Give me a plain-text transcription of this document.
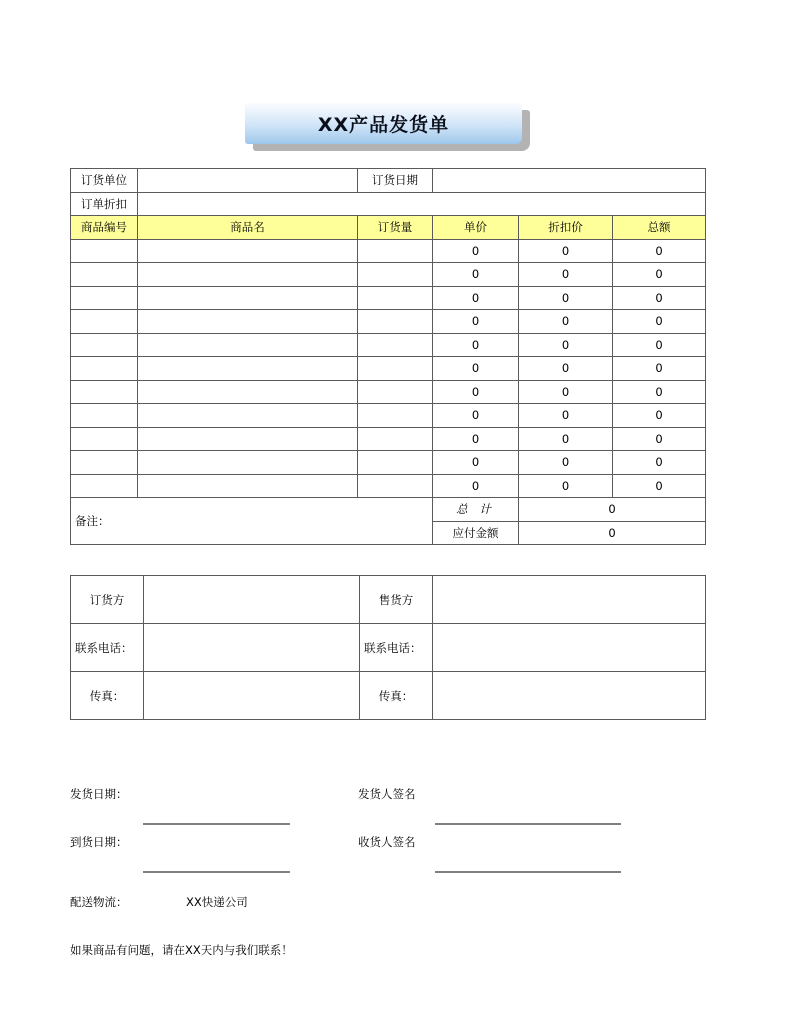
XX产品发货单
订货单位		订货日期			
订单折扣					
商品编号	商品名	订货量	单价	折扣价	总额
			0	0	0
			0	0	0
			0	0	0
			0	0	0
			0	0	0
			0	0	0
			0	0	0
			0	0	0
			0	0	0
			0	0	0
			0	0	0
备注：			总 计	0	
			应付金额	0	
订货方		售货方	
联系电话：		联系电话：	
传真：		传真：	
发货日期：	发货人签名
到货日期：	收货人签名
配送物流：	XX快递公司
如果商品有问题，请在XX天内与我们联系！
